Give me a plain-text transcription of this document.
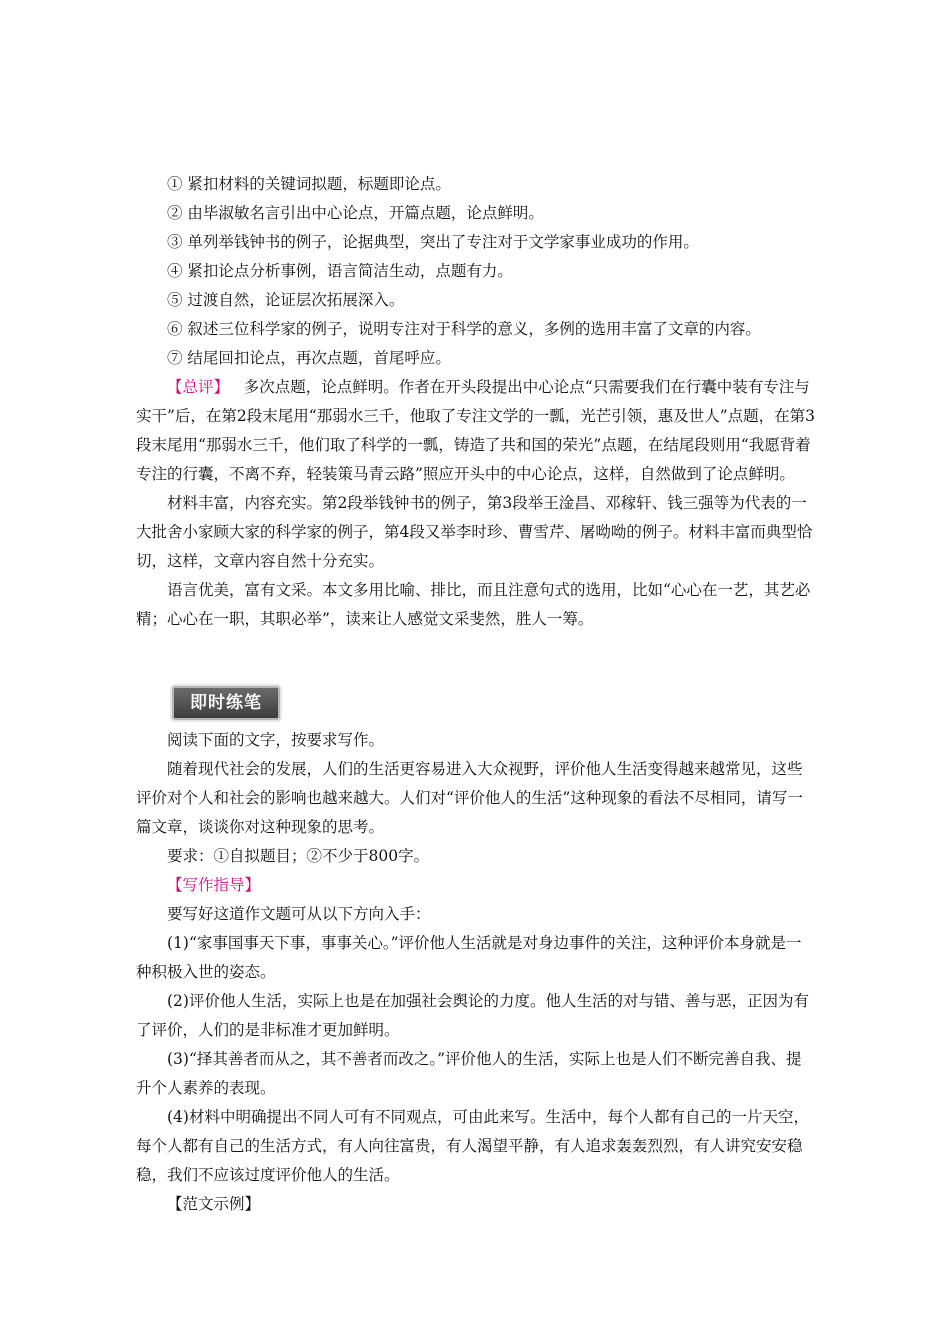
① 紧扣材料的关键词拟题，标题即论点。

② 由毕淑敏名言引出中心论点，开篇点题，论点鲜明。

③ 单列举钱钟书的例子，论据典型，突出了专注对于文学家事业成功的作用。

④ 紧扣论点分析事例，语言简洁生动，点题有力。

⑤ 过渡自然，论证层次拓展深入。

⑥ 叙述三位科学家的例子，说明专注对于科学的意义，多例的选用丰富了文章的内容。

⑦ 结尾回扣论点，再次点题，首尾呼应。

【总评】 多次点题，论点鲜明。作者在开头段提出中心论点“只需要我们在行囊中装有专注与实干”后，在第2段末尾用“那弱水三千，他取了专注文学的一瓢，光芒引领，惠及世人”点题，在第3段末尾用“那弱水三千，他们取了科学的一瓢，铸造了共和国的荣光”点题，在结尾段则用“我愿背着专注的行囊，不离不弃，轻装策马青云路”照应开头中的中心论点，这样，自然做到了论点鲜明。

材料丰富，内容充实。第2段举钱钟书的例子，第3段举王淦昌、邓稼轩、钱三强等为代表的一大批舍小家顾大家的科学家的例子，第4段又举李时珍、曹雪芹、屠呦呦的例子。材料丰富而典型恰切，这样，文章内容自然十分充实。

语言优美，富有文采。本文多用比喻、排比，而且注意句式的选用，比如“心心在一艺，其艺必精；心心在一职，其职必举”，读来让人感觉文采斐然，胜人一筹。

即时练笔

阅读下面的文字，按要求写作。

随着现代社会的发展，人们的生活更容易进入大众视野，评价他人生活变得越来越常见，这些评价对个人和社会的影响也越来越大。人们对“评价他人的生活”这种现象的看法不尽相同，请写一篇文章，谈谈你对这种现象的思考。

要求：①自拟题目；②不少于800字。

【写作指导】

要写好这道作文题可从以下方向入手：

(1)“家事国事天下事，事事关心。”评价他人生活就是对身边事件的关注，这种评价本身就是一种积极入世的姿态。

(2)评价他人生活，实际上也是在加强社会舆论的力度。他人生活的对与错、善与恶，正因为有了评价，人们的是非标准才更加鲜明。

(3)“择其善者而从之，其不善者而改之。”评价他人的生活，实际上也是人们不断完善自我、提升个人素养的表现。

(4)材料中明确提出不同人可有不同观点，可由此来写。生活中，每个人都有自己的一片天空，每个人都有自己的生活方式，有人向往富贵，有人渴望平静，有人追求轰轰烈烈，有人讲究安安稳稳，我们不应该过度评价他人的生活。

【范文示例】
